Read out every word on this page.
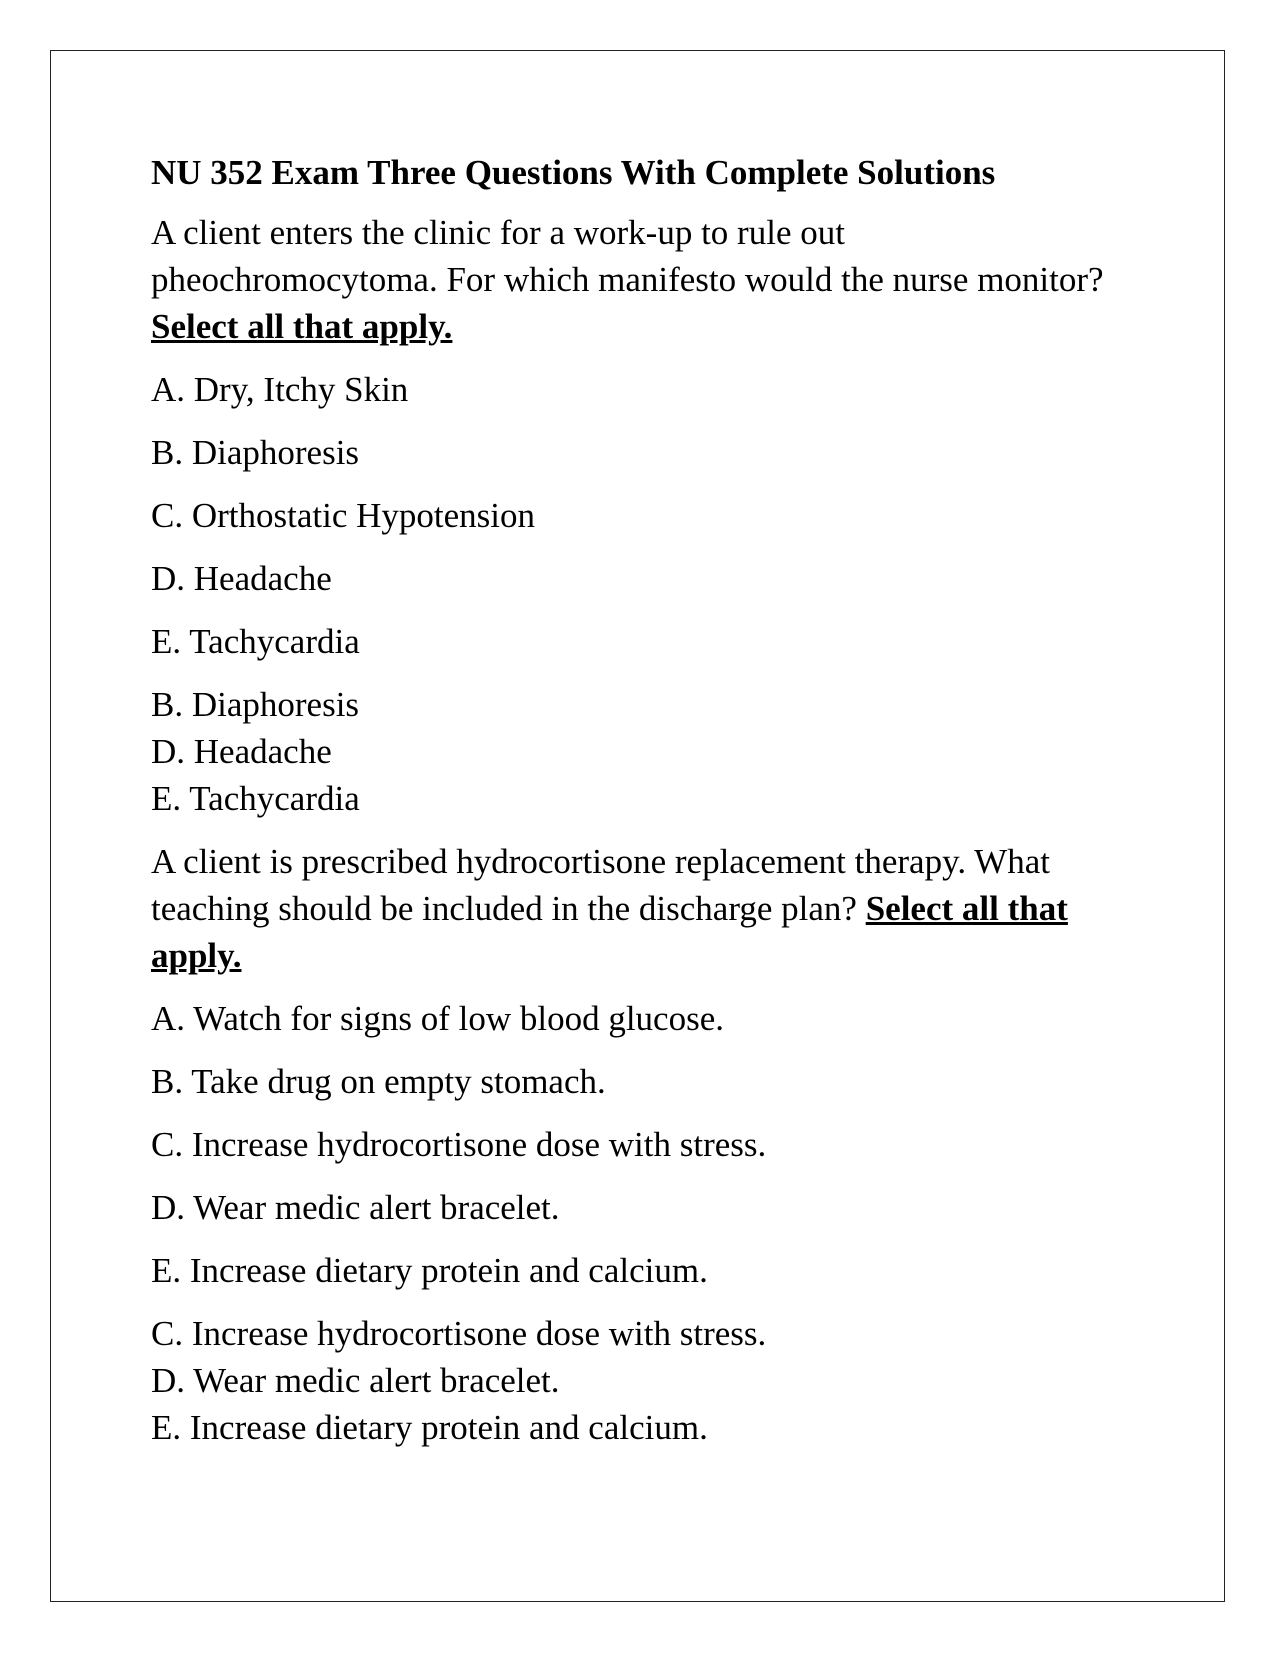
NU 352 Exam Three Questions With Complete Solutions
A client enters the clinic for a work-up to rule out pheochromocytoma. For which manifesto would the nurse monitor? Select all that apply.
A. Dry, Itchy Skin
B. Diaphoresis
C. Orthostatic Hypotension
D. Headache
E. Tachycardia
B. Diaphoresis
D. Headache
E. Tachycardia
A client is prescribed hydrocortisone replacement therapy. What teaching should be included in the discharge plan? Select all that apply.
A. Watch for signs of low blood glucose.
B. Take drug on empty stomach.
C. Increase hydrocortisone dose with stress.
D. Wear medic alert bracelet.
E. Increase dietary protein and calcium.
C. Increase hydrocortisone dose with stress.
D. Wear medic alert bracelet.
E. Increase dietary protein and calcium.
